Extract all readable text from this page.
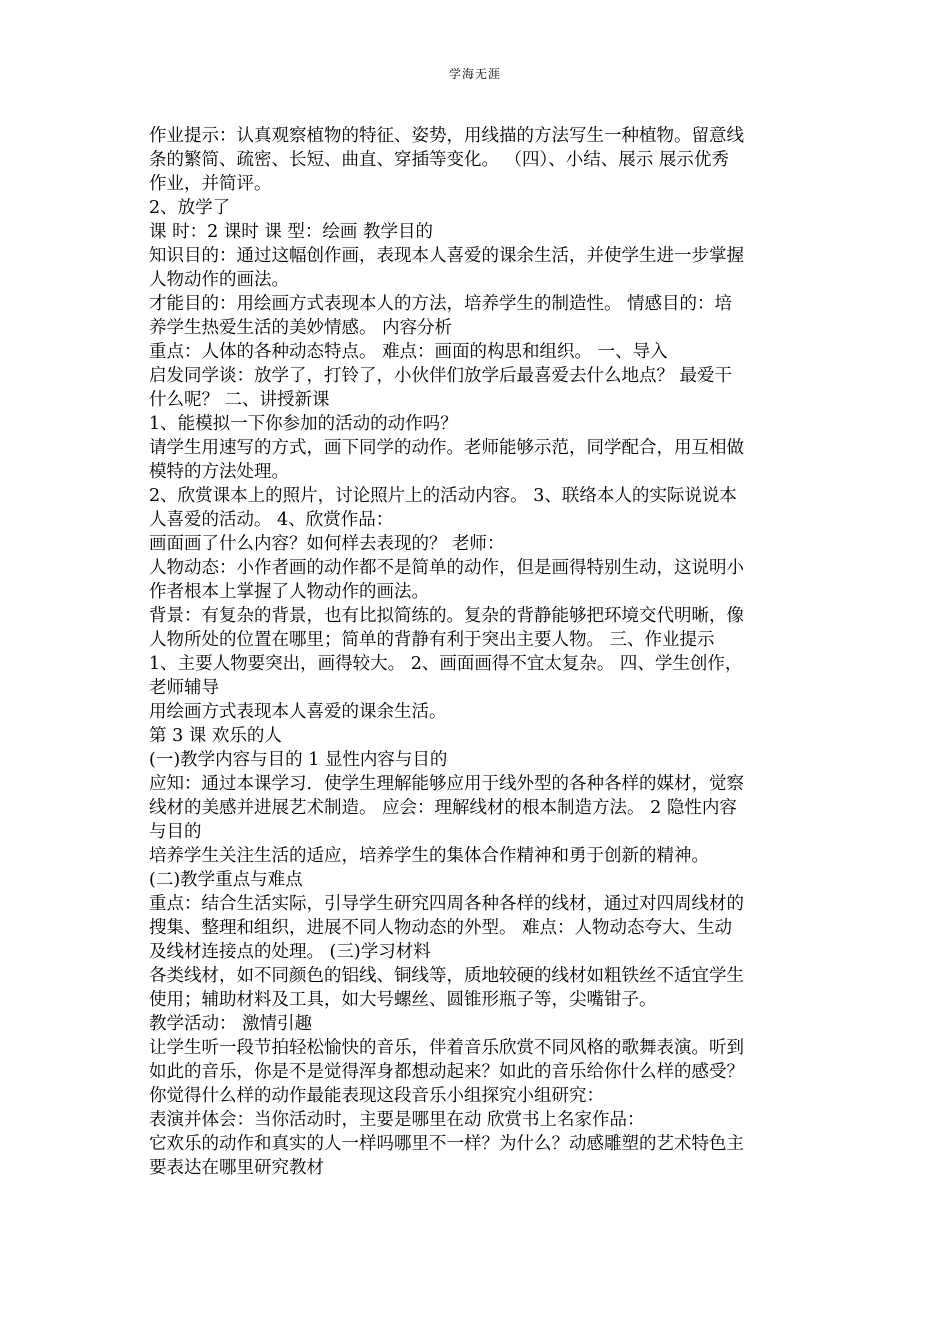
学海无涯
作业提示：认真观察植物的特征、姿势，用线描的方法写生一种植物。留意线
条的繁简、疏密、长短、曲直、穿插等变化。 （四）、小结、展示 展示优秀
作业，并简评。
2、放学了
课 时：2 课时 课 型：绘画 教学目的
知识目的：通过这幅创作画，表现本人喜爱的课余生活，并使学生进一步掌握
人物动作的画法。
才能目的：用绘画方式表现本人的方法，培养学生的制造性。 情感目的：培
养学生热爱生活的美妙情感。 内容分析
重点：人体的各种动态特点。 难点：画面的构思和组织。 一、导入
启发同学谈：放学了，打铃了，小伙伴们放学后最喜爱去什么地点？ 最爱干
什么呢？ 二、讲授新课
1、能模拟一下你参加的活动的动作吗？
请学生用速写的方式，画下同学的动作。老师能够示范，同学配合，用互相做
模特的方法处理。
2、欣赏课本上的照片，讨论照片上的活动内容。 3、联络本人的实际说说本
人喜爱的活动。 4、欣赏作品：
画面画了什么内容？如何样去表现的？ 老师：
人物动态：小作者画的动作都不是简单的动作，但是画得特别生动，这说明小
作者根本上掌握了人物动作的画法。
背景：有复杂的背景，也有比拟简练的。复杂的背静能够把环境交代明晰，像
人物所处的位置在哪里；简单的背静有利于突出主要人物。 三、作业提示
1、主要人物要突出，画得较大。 2、画面画得不宜太复杂。 四、学生创作，
老师辅导
用绘画方式表现本人喜爱的课余生活。
第 3 课 欢乐的人
(一)教学内容与目的 1 显性内容与目的
应知：通过本课学习．使学生理解能够应用于线外型的各种各样的媒材，觉察
线材的美感并进展艺术制造。 应会：理解线材的根本制造方法。 2 隐性内容
与目的
培养学生关注生活的适应，培养学生的集体合作精神和勇于创新的精神。
(二)教学重点与难点
重点：结合生活实际，引导学生研究四周各种各样的线材，通过对四周线材的
搜集、整理和组织，进展不同人物动态的外型。 难点：人物动态夸大、生动
及线材连接点的处理。 (三)学习材料
各类线材，如不同颜色的铝线、铜线等，质地较硬的线材如粗铁丝不适宜学生
使用；辅助材料及工具，如大号螺丝、圆锥形瓶子等，尖嘴钳子。
教学活动： 激情引趣
让学生听一段节拍轻松愉快的音乐，伴着音乐欣赏不同风格的歌舞表演。听到
如此的音乐，你是不是觉得浑身都想动起来？如此的音乐给你什么样的感受？
你觉得什么样的动作最能表现这段音乐小组探究小组研究：
表演并体会：当你活动时，主要是哪里在动 欣赏书上名家作品：
它欢乐的动作和真实的人一样吗哪里不一样？为什么？动感雕塑的艺术特色主
要表达在哪里研究教材
